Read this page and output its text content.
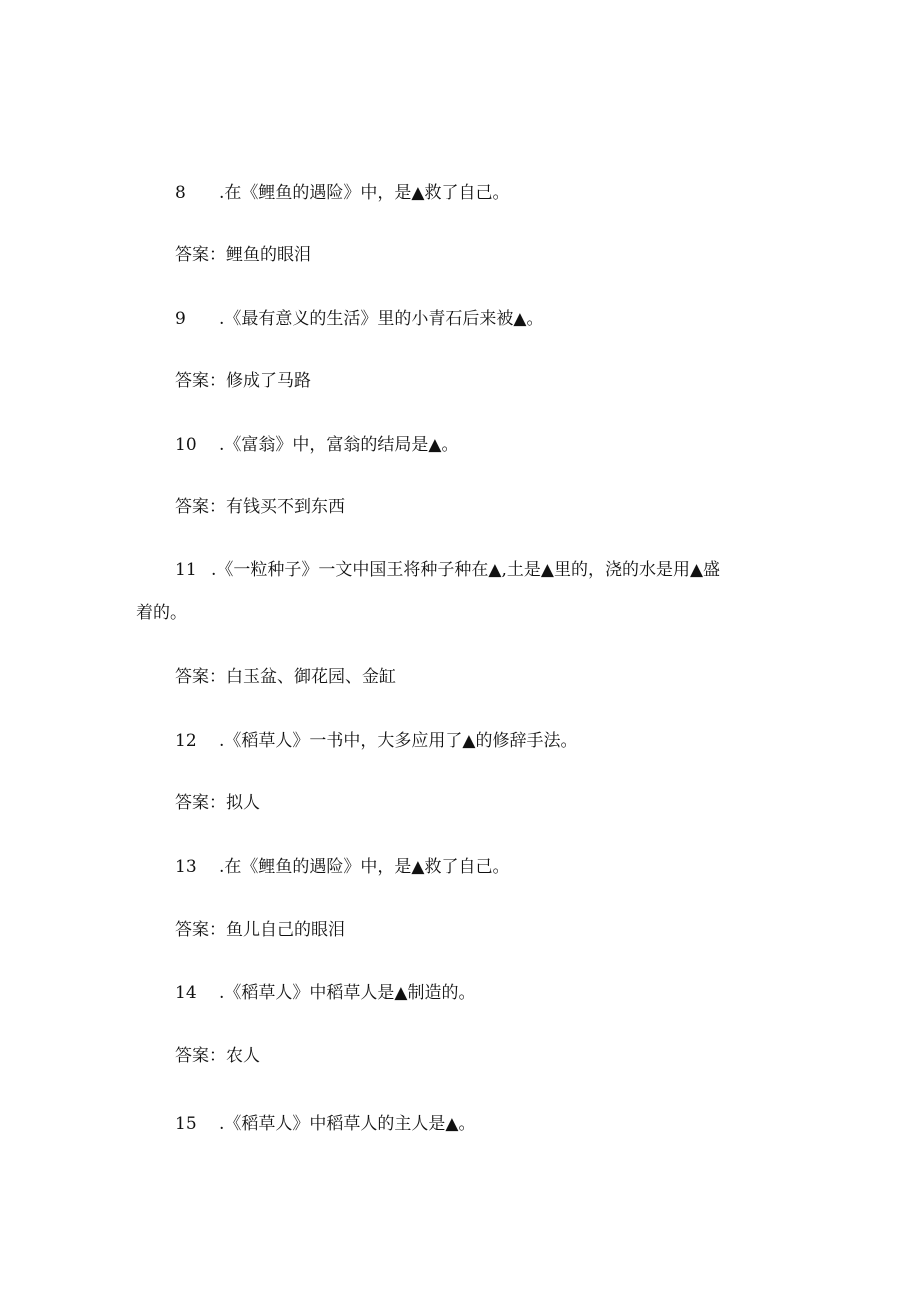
8 .在《鲤鱼的遇险》中，是▲救了自己。
答案：鲤鱼的眼泪
9 .《最有意义的生活》里的小青石后来被▲。
答案：修成了马路
10 .《富翁》中，富翁的结局是▲。
答案：有钱买不到东西
11 .《一粒种子》一文中国王将种子种在▲,土是▲里的，浇的水是用▲盛
着的。
答案：白玉盆、御花园、金缸
12 .《稻草人》一书中，大多应用了▲的修辞手法。
答案：拟人
13 .在《鲤鱼的遇险》中，是▲救了自己。
答案：鱼儿自己的眼泪
14 .《稻草人》中稻草人是▲制造的。
答案：农人
15 .《稻草人》中稻草人的主人是▲。
